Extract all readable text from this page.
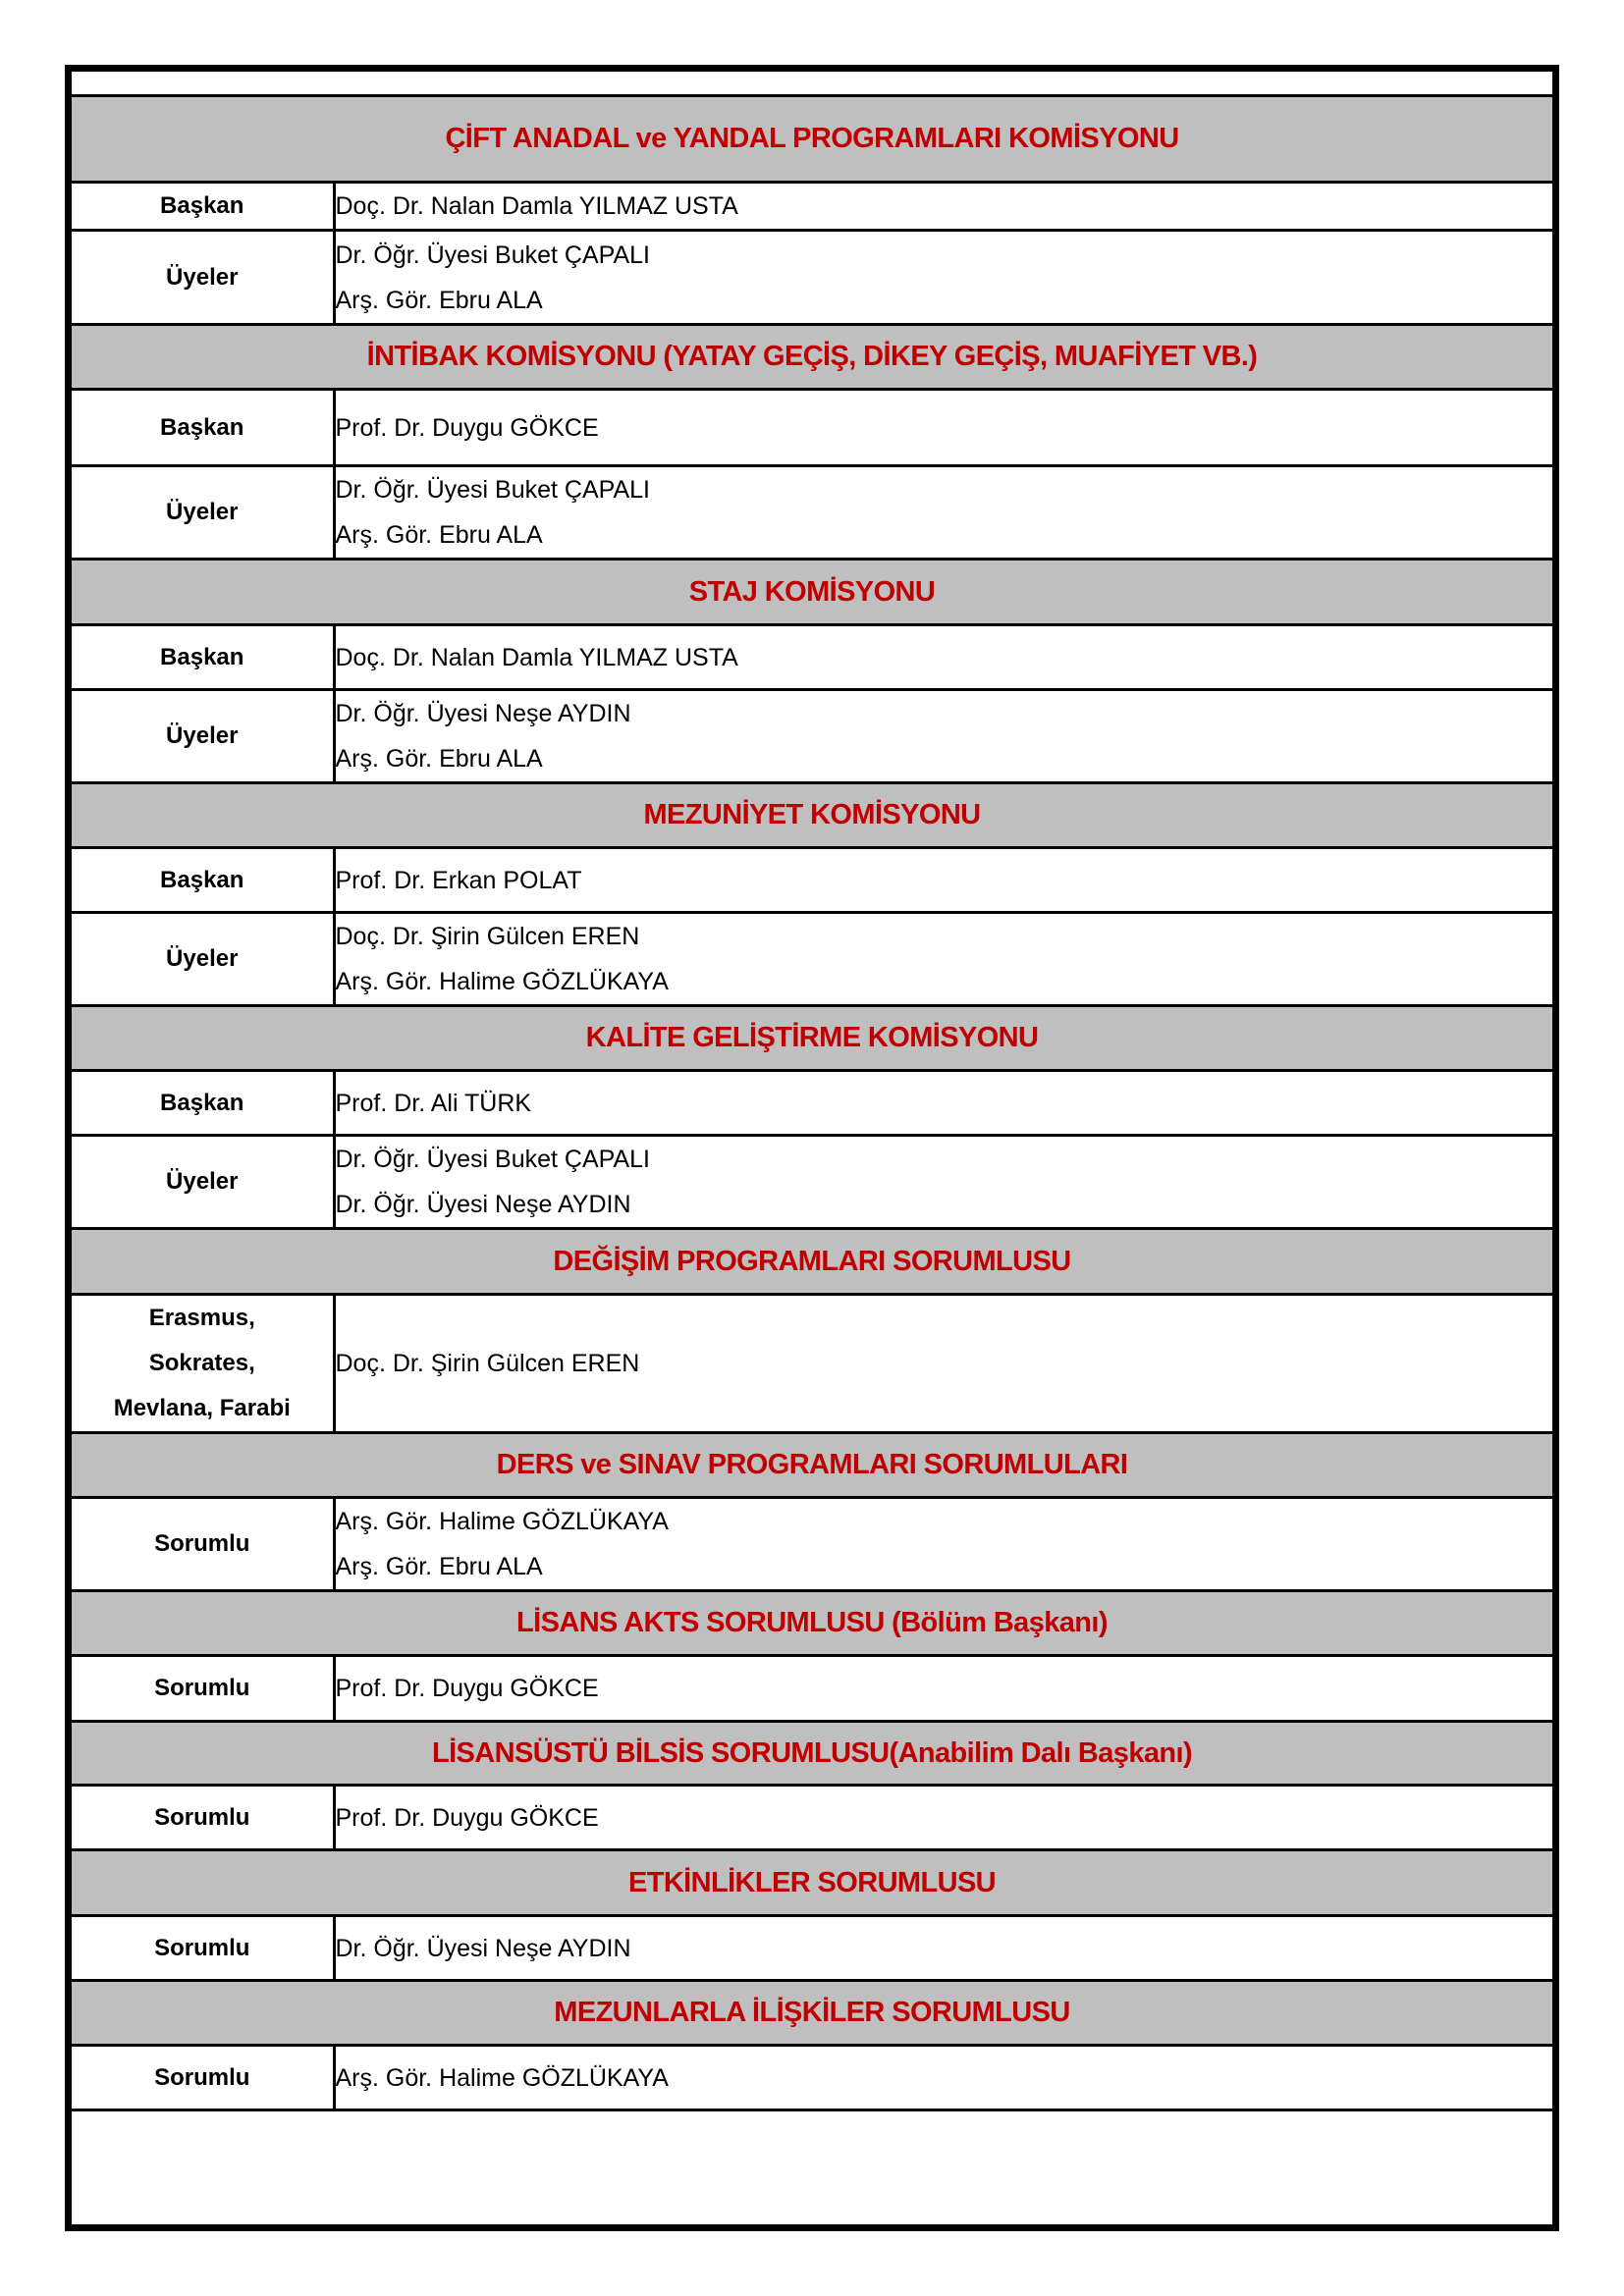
ÇİFT ANADAL ve YANDAL PROGRAMLARI KOMİSYONU	

Başkan	Doç. Dr. Nalan Damla YILMAZ USTA

Üyeler	Dr. Öğr. Üyesi Buket ÇAPALI
Arş. Gör. Ebru ALA

İNTİBAK KOMİSYONU (YATAY GEÇİŞ, DİKEY GEÇİŞ, MUAFİYET VB.)	

Başkan	Prof. Dr. Duygu GÖKCE

Üyeler	Dr. Öğr. Üyesi Buket ÇAPALI
Arş. Gör. Ebru ALA

STAJ KOMİSYONU	

Başkan	Doç. Dr. Nalan Damla YILMAZ USTA

Üyeler	Dr. Öğr. Üyesi Neşe AYDIN
Arş. Gör. Ebru ALA

MEZUNİYET KOMİSYONU	

Başkan	Prof. Dr. Erkan POLAT

Üyeler	Doç. Dr. Şirin Gülcen EREN
Arş. Gör. Halime GÖZLÜKAYA

KALİTE GELİŞTİRME KOMİSYONU	

Başkan	Prof. Dr. Ali TÜRK

Üyeler	Dr. Öğr. Üyesi Buket ÇAPALI
Dr. Öğr. Üyesi Neşe AYDIN

DEĞİŞİM PROGRAMLARI SORUMLUSU	

Erasmus,
Sokrates,
Mevlana, Farabi	Doç. Dr. Şirin Gülcen EREN

DERS ve SINAV PROGRAMLARI SORUMLULARI	

Sorumlu	Arş. Gör. Halime GÖZLÜKAYA
Arş. Gör. Ebru ALA

LİSANS AKTS SORUMLUSU (Bölüm Başkanı)	

Sorumlu	Prof. Dr. Duygu GÖKCE

LİSANSÜSTÜ BİLSİS SORUMLUSU(Anabilim Dalı Başkanı)	

Sorumlu	Prof. Dr. Duygu GÖKCE

ETKİNLİKLER SORUMLUSU	

Sorumlu	Dr. Öğr. Üyesi Neşe AYDIN

MEZUNLARLA İLİŞKİLER SORUMLUSU	

Sorumlu	Arş. Gör. Halime GÖZLÜKAYA
